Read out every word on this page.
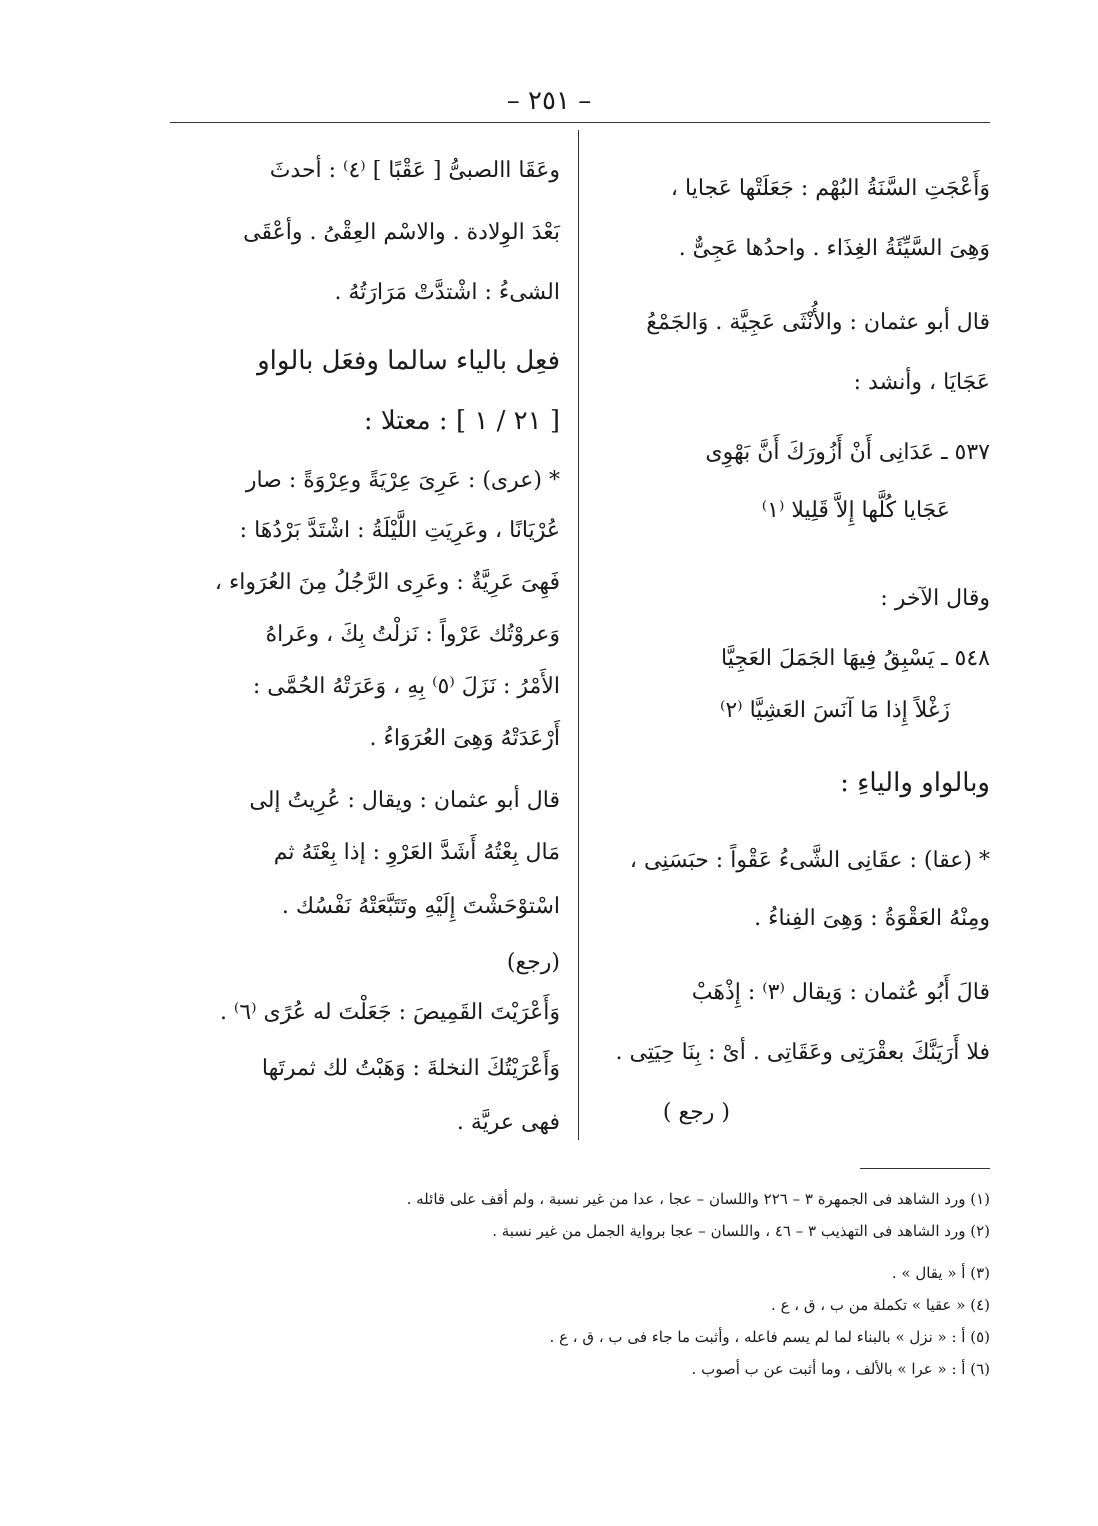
– ٢٥١ –
وَأَعْجَتِ السَّنَةُ البُهْم : جَعَلَتْها عَجايا ،
وَهِىَ السَّيِّئَةُ الغِذَاء . واحدُها عَجِىٌّ .
قال أبو عثمان : والأُنْثَى عَجِيَّة . وَالجَمْعُ
عَجَايَا ، وأنشد :
٥٣٧ ـ عَدَانِى أَنْ أَزُورَكَ أَنَّ بَهْوِى
عَجَايا كُلَّها إِلاَّ قَلِيلا ⁽١⁾
وقال الآخر :
٥٤٨ ـ يَسْبِقُ فِيهَا الجَمَلَ العَجِيَّا
زَغْلاً إِذا مَا آنَسَ العَشِيَّا ⁽٢⁾
وبالواو والياءِ :
* (عقا) : عقَانِى الشَّىءُ عَقْواً : حبَسَنِى ،
ومِنْهُ العَقْوَةُ : وَهِىَ الفِناءُ .
قالَ أَبُو عُثمان : وَيقال ⁽٣⁾ : إِذْهَبْ
فلا أَرَيَنَّكَ بعقْرَتِى وعَقَاتِى . أىْ : بِنَا حِيَتِى .
( رجع )
وعَقَا االصبىُّ [ عَقْبًا ] ⁽٤⁾ : أحدثَ
بَعْدَ الوِلادة . والاسْم العِقْىُ . وأعْقَى
الشىءُ : اشْتدَّتْ مَرَارَتُهُ .
فعِل بالياء سالما وفعَل بالواو
[ ٢١ / ١ ] : معتلا :
* (عرى) : عَرِىَ عِرْيَةً وعِرْوَةً : صار
عُرْيَانًا ، وعَرِيَتِ اللَّيْلَةُ : اشْتَدَّ بَرْدُهَا :
فَهِىَ عَرِيَّةٌ : وعَرِى الرَّجُلُ مِنَ العُرَواء ،
وَعروْتُك عَرْواً : نَزلْتُ بِكَ ، وعَراهُ
الأَمْرُ : نَزَلَ ⁽٥⁾ بِهِ ، وَعَرَتْهُ الحُمَّى :
أَرْعَدَتْهُ وَهِىَ العُرَوَاءُ .
قال أبو عثمان : ويقال : عُرِيتُ إلى
مَال بِعْتُهُ أَشَدَّ العَرْوِ : إذا بِعْتَهُ ثم
اسْتوْحَشْتَ إِلَيْهِ وتَتَبَّعَتْهُ نَفْسُك .
(رجع)
وَأَعْرَيْتَ القَمِيصَ : جَعَلْتَ له عُرًى ⁽٦⁾ .
وَأَعْرَيْتُكَ النخلةَ : وَهَبْتُ لك ثمرتَها
فهى عريَّة .
(١) ورد الشاهد فى الجمهرة ٣ – ٢٢٦ واللسان – عجا ، عدا من غير نسبة ، ولم أقف على قائله .
(٢) ورد الشاهد فى التهذيب ٣ – ٤٦ ، واللسان – عجا برواية الجمل من غير نسبة .
(٣) أ « يقال » .
(٤) « عقيا » تكملة من ب ، ق ، ع .
(٥) أ : « نزل » بالبناء لما لم يسم فاعله ، وأثبت ما جاء فى ب ، ق ، ع .
(٦) أ : « عرا » بالألف ، وما أثبت عن ب أصوب .
